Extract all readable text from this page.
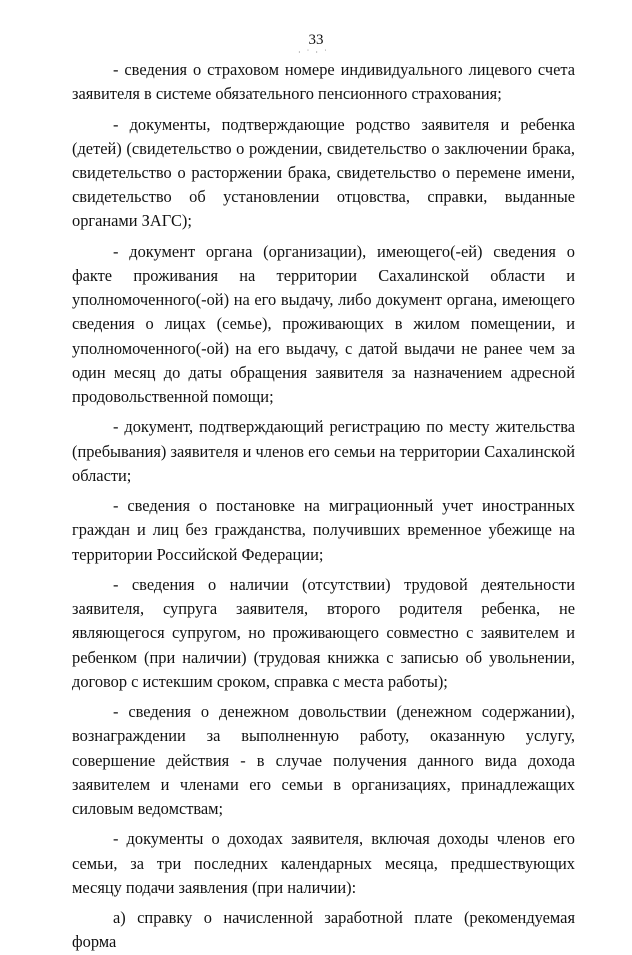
33
· ˙ · ˙

- сведения о страховом номере индивидуального лицевого счета заявителя в системе обязательного пенсионного страхования;

- документы, подтверждающие родство заявителя и ребенка (детей) (свидетельство о рождении, свидетельство о заключении брака, свидетельство о расторжении брака, свидетельство о перемене имени, свидетельство об установлении отцовства, справки, выданные органами ЗАГС);

- документ органа (организации), имеющего(-ей) сведения о факте проживания на территории Сахалинской области и уполномоченного(-ой) на его выдачу, либо документ органа, имеющего сведения о лицах (семье), проживающих в жилом помещении, и уполномоченного(-ой) на его выдачу, с датой выдачи не ранее чем за один месяц до даты обращения заявителя за назначением адресной продовольственной помощи;

- документ, подтверждающий регистрацию по месту жительства (пребывания) заявителя и членов его семьи на территории Сахалинской области;

- сведения о постановке на миграционный учет иностранных граждан и лиц без гражданства, получивших временное убежище на территории Российской Федерации;

- сведения о наличии (отсутствии) трудовой деятельности заявителя, супруга заявителя, второго родителя ребенка, не являющегося супругом, но проживающего совместно с заявителем и ребенком (при наличии) (трудовая книжка с записью об увольнении, договор с истекшим сроком, справка с места работы);

- сведения о денежном довольствии (денежном содержании), вознаграждении за выполненную работу, оказанную услугу, совершение действия - в случае получения данного вида дохода заявителем и членами его семьи в организациях, принадлежащих силовым ведомствам;

- документы о доходах заявителя, включая доходы членов его семьи, за три последних календарных месяца, предшествующих месяцу подачи заявления (при наличии):

а) справку о начисленной заработной плате (рекомендуемая форма
